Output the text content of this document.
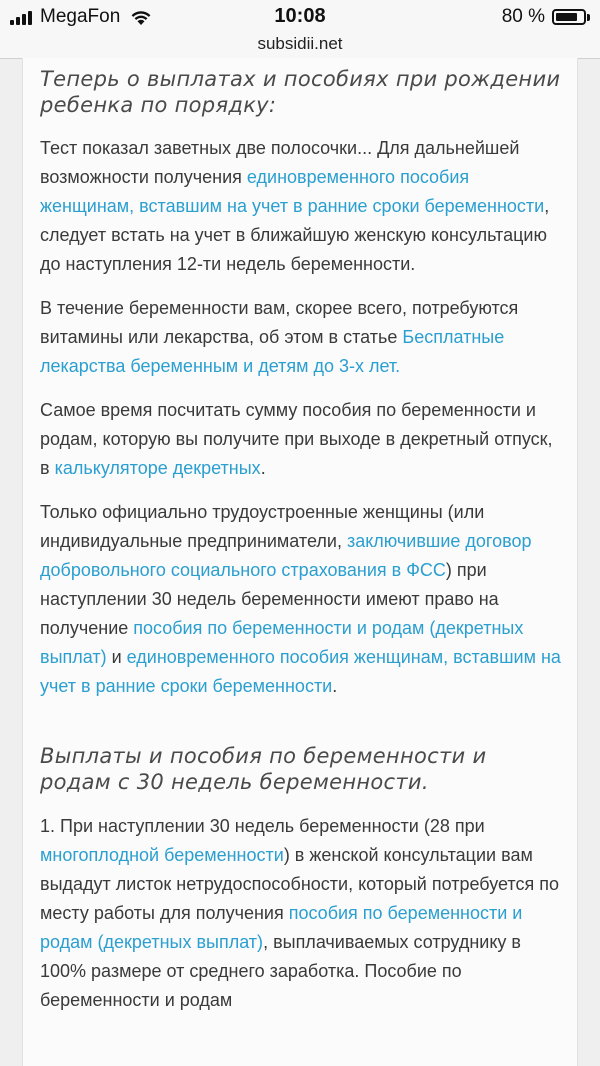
MegaFon	10:08	80 %
subsidii.net
Теперь о выплатах и пособиях при рождении ребенка по порядку:

Тест показал заветных две полосочки... Для дальнейшей возможности получения единовременного пособия женщинам, вставшим на учет в ранние сроки беременности, следует встать на учет в ближайшую женскую консультацию до наступления 12-ти недель беременности.

В течение беременности вам, скорее всего, потребуются витамины или лекарства, об этом в статье Бесплатные лекарства беременным и детям до 3-х лет.

Самое время посчитать сумму пособия по беременности и родам, которую вы получите при выходе в декретный отпуск, в калькуляторе декретных.

Только официально трудоустроенные женщины (или индивидуальные предприниматели, заключившие договор добровольного социального страхования в ФСС) при наступлении 30 недель беременности имеют право на получение пособия по беременности и родам (декретных выплат) и единовременного пособия женщинам, вставшим на учет в ранние сроки беременности.

Выплаты и пособия по беременности и родам с 30 недель беременности.

1. При наступлении 30 недель беременности (28 при многоплодной беременности) в женской консультации вам выдадут листок нетрудоспособности, который потребуется по месту работы для получения пособия по беременности и родам (декретных выплат), выплачиваемых сотруднику в 100% размере от среднего заработка. Пособие по беременности и родам
